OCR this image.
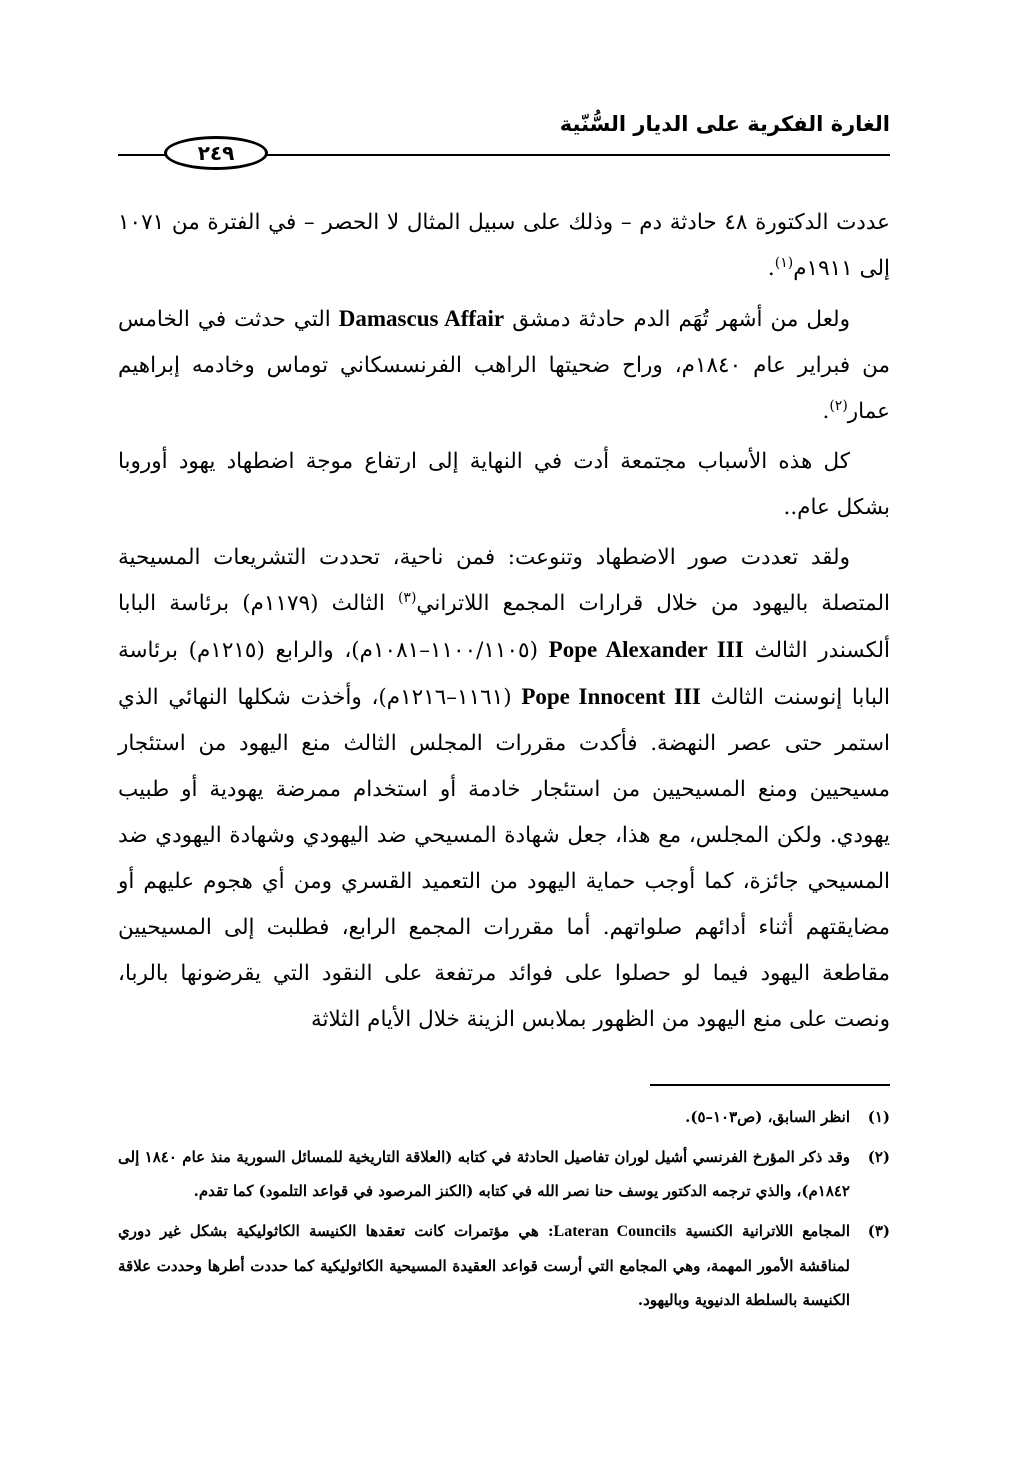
الغارة الفكرية على الديار السُّنّية
٢٤٩

عددت الدكتورة ٤٨ حادثة دم – وذلك على سبيل المثال لا الحصر – في الفترة من ١٠٧١ إلى ١٩١١م$^{(١)}$.

ولعل من أشهر تُهَم الدم حادثة دمشق Damascus Affair التي حدثت في الخامس من فبراير عام ١٨٤٠م، وراح ضحيتها الراهب الفرنسسكاني توماس وخادمه إبراهيم عمار$^{(٢)}$.

كل هذه الأسباب مجتمعة أدت في النهاية إلى ارتفاع موجة اضطهاد يهود أوروبا بشكل عام..

ولقد تعددت صور الاضطهاد وتنوعت: فمن ناحية، تحددت التشريعات المسيحية المتصلة باليهود من خلال قرارات المجمع اللاتراني$^{(٣)}$ الثالث (١١٧٩م) برئاسة البابا ألكسندر الثالث Pope Alexander III (١١٠٠/١١٠٥–١٠٨١م)، والرابع (١٢١٥م) برئاسة البابا إنوسنت الثالث Pope Innocent III (١١٦١–١٢١٦م)، وأخذت شكلها النهائي الذي استمر حتى عصر النهضة. فأكدت مقررات المجلس الثالث منع اليهود من استئجار مسيحيين ومنع المسيحيين من استئجار خادمة أو استخدام ممرضة يهودية أو طبيب يهودي. ولكن المجلس، مع هذا، جعل شهادة المسيحي ضد اليهودي وشهادة اليهودي ضد المسيحي جائزة، كما أوجب حماية اليهود من التعميد القسري ومن أي هجوم عليهم أو مضايقتهم أثناء أدائهم صلواتهم. أما مقررات المجمع الرابع، فطلبت إلى المسيحيين مقاطعة اليهود فيما لو حصلوا على فوائد مرتفعة على النقود التي يقرضونها بالربا، ونصت على منع اليهود من الظهور بملابس الزينة خلال الأيام الثلاثة

(١)
انظر السابق، (ص١٠٣–٥).
(٢)
وقد ذكر المؤرخ الفرنسي أشيل لوران تفاصيل الحادثة في كتابه (العلاقة التاريخية للمسائل السورية منذ عام ١٨٤٠ إلى ١٨٤٢م)، والذي ترجمه الدكتور يوسف حنا نصر الله في كتابه (الكنز المرصود في قواعد التلمود) كما تقدم.
(٣)
المجامع اللاترانية الكنسية Lateran Councils: هي مؤتمرات كانت تعقدها الكنيسة الكاثوليكية بشكل غير دوري لمناقشة الأمور المهمة، وهي المجامع التي أرست قواعد العقيدة المسيحية الكاثوليكية كما حددت أطرها وحددت علاقة الكنيسة بالسلطة الدنيوية وباليهود.
